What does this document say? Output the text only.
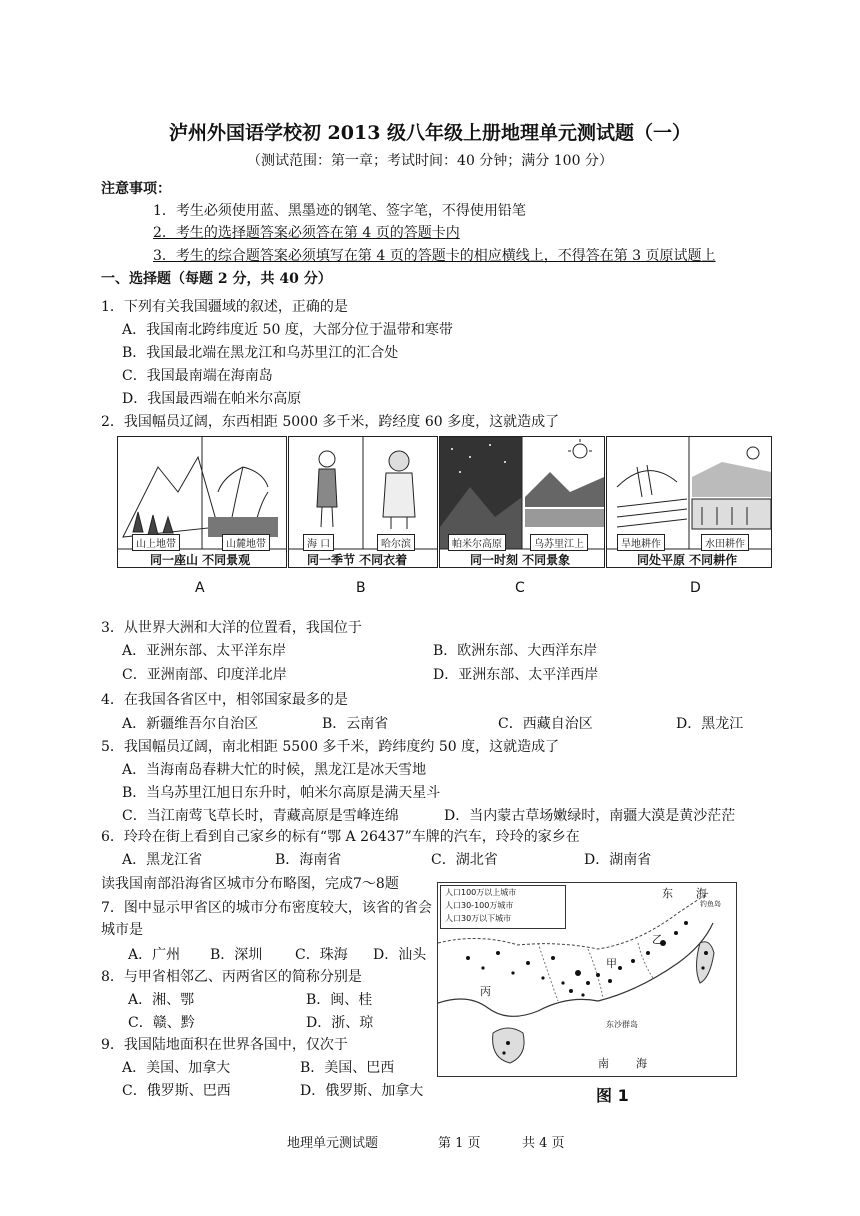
泸州外国语学校初 2013 级八年级上册地理单元测试题（一）
（测试范围：第一章；考试时间：40 分钟；满分 100 分）
注意事项：
1．考生必须使用蓝、黑墨迹的钢笔、签字笔，不得使用铅笔
2．考生的选择题答案必须答在第 4 页的答题卡内
3．考生的综合题答案必须填写在第 4 页的答题卡的相应横线上，不得答在第 3 页原试题上
一、选择题（每题 2 分，共 40 分）
1．下列有关我国疆域的叙述，正确的是
A．我国南北跨纬度近 50 度，大部分位于温带和寒带
B．我国最北端在黑龙江和乌苏里江的汇合处
C．我国最南端在海南岛
D．我国最西端在帕米尔高原
2．我国幅员辽阔，东西相距 5000 多千米，跨经度 60 多度，这就造成了
山上地带	山麓地带
同一座山 不同景观
海 口	哈尔滨
同一季节 不同衣着
帕米尔高原	乌苏里江上
同一时刻 不同景象
旱地耕作	水田耕作
同处平原 不同耕作
A	B	C	D
3．从世界大洲和大洋的位置看，我国位于
A．亚洲东部、太平洋东岸	B．欧洲东部、大西洋东岸
C．亚洲南部、印度洋北岸	D．亚洲东部、太平洋西岸
4．在我国各省区中，相邻国家最多的是
A．新疆维吾尔自治区	B．云南省	C．西藏自治区	D．黑龙江
5．我国幅员辽阔，南北相距 5500 多千米，跨纬度约 50 度，这就造成了
A．当海南岛春耕大忙的时候，黑龙江是冰天雪地
B．当乌苏里江旭日东升时，帕米尔高原是满天星斗
C．当江南莺飞草长时，青藏高原是雪峰连绵	D．当内蒙古草场嫩绿时，南疆大漠是黄沙茫茫
6．玲玲在街上看到自己家乡的标有“鄂 A 26437”车牌的汽车，玲玲的家乡在
A．黑龙江省	B．海南省	C．湖北省	D．湖南省
读我国南部沿海省区城市分布略图，完成7～8题
7．图中显示甲省区的城市分布密度较大，该省的省会
城市是
A．广州 B．深圳 C．珠海 D．汕头
8．与甲省相邻乙、丙两省区的简称分别是
A．湘、鄂	B．闽、桂
C．赣、黔	D．浙、琼
9．我国陆地面积在世界各国中，仅次于
A．美国、加拿大	B．美国、巴西
C．俄罗斯、巴西	D．俄罗斯、加拿大
人口100万以上城市
人口30-100万城市
人口30万以下城市
甲
乙
丙
东 海
钓鱼岛
南 海
东沙群岛
图 1
地理单元测试题	第 1 页	共 4 页
